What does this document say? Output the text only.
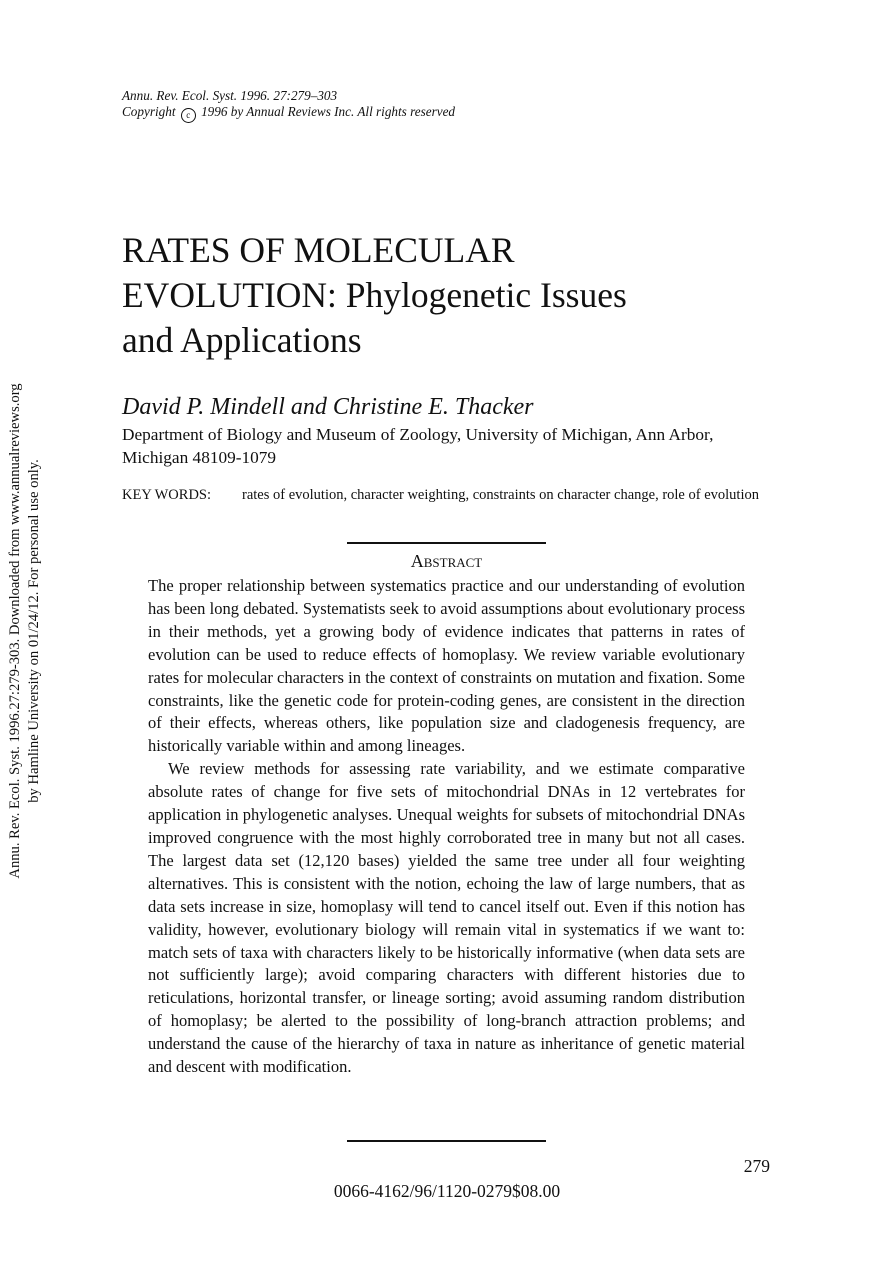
Annu. Rev. Ecol. Syst. 1996. 27:279–303
Copyright c 1996 by Annual Reviews Inc. All rights reserved
Annu. Rev. Ecol. Syst. 1996.27:279-303. Downloaded from www.annualreviews.org by Hamline University on 01/24/12. For personal use only.
RATES OF MOLECULAR
EVOLUTION: Phylogenetic Issues
and Applications
David P. Mindell and Christine E. Thacker
Department of Biology and Museum of Zoology, University of Michigan, Ann Arbor, Michigan 48109-1079
KEY WORDS: rates of evolution, character weighting, constraints on character change, role of evolution
Abstract

The proper relationship between systematics practice and our understanding of evolution has been long debated. Systematists seek to avoid assumptions about evolutionary process in their methods, yet a growing body of evidence indicates that patterns in rates of evolution can be used to reduce effects of homoplasy. We review variable evolutionary rates for molecular characters in the context of constraints on mutation and fixation. Some constraints, like the genetic code for protein-coding genes, are consistent in the direction of their effects, whereas others, like population size and cladogenesis frequency, are historically variable within and among lineages.

We review methods for assessing rate variability, and we estimate comparative absolute rates of change for five sets of mitochondrial DNAs in 12 vertebrates for application in phylogenetic analyses. Unequal weights for subsets of mitochondrial DNAs improved congruence with the most highly corroborated tree in many but not all cases. The largest data set (12,120 bases) yielded the same tree under all four weighting alternatives. This is consistent with the notion, echoing the law of large numbers, that as data sets increase in size, homoplasy will tend to cancel itself out. Even if this notion has validity, however, evolutionary biology will remain vital in systematics if we want to: match sets of taxa with characters likely to be historically informative (when data sets are not sufficiently large); avoid comparing characters with different histories due to reticulations, horizontal transfer, or lineage sorting; avoid assuming random distribution of homoplasy; be alerted to the possibility of long-branch attraction problems; and understand the cause of the hierarchy of taxa in nature as inheritance of genetic material and descent with modification.

279
0066-4162/96/1120-0279$08.00
